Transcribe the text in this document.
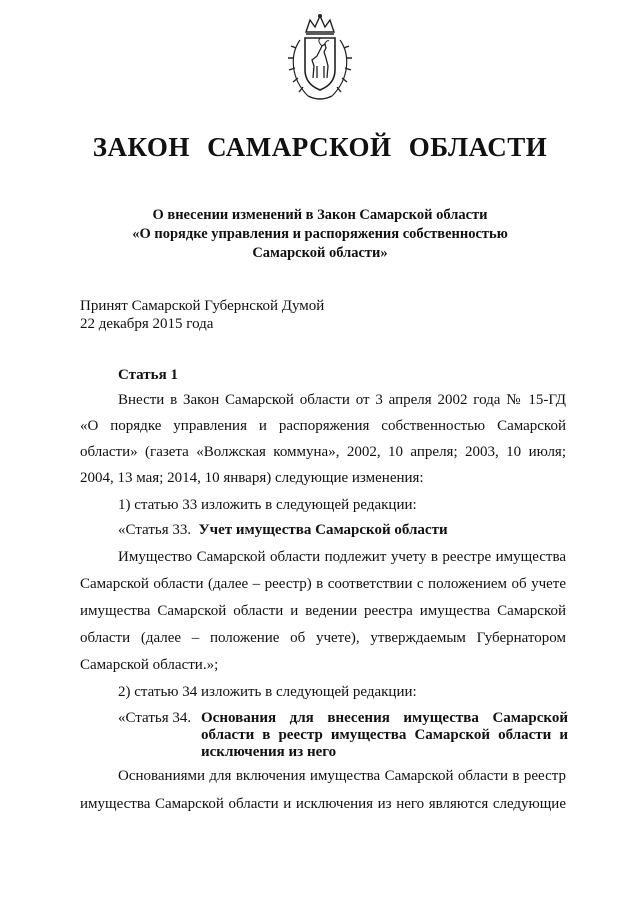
ЗАКОН САМАРСКОЙ ОБЛАСТИ
О внесении изменений в Закон Самарской области
«О порядке управления и распоряжения собственностью
Самарской области»
Принят Самарской Губернской Думой
22 декабря 2015 года
Статья 1
Внести в Закон Самарской области от 3 апреля 2002 года № 15-ГД
«О порядке управления и распоряжения собственностью Самарской
области» (газета «Волжская коммуна», 2002, 10 апреля; 2003, 10 июля;
2004, 13 мая; 2014, 10 января) следующие изменения:
1) статью 33 изложить в следующей редакции:
«Статья 33. Учет имущества Самарской области
Имущество Самарской области подлежит учету в реестре имущества
Самарской области (далее – реестр) в соответствии с положением об учете
имущества Самарской области и ведении реестра имущества Самарской
области (далее – положение об учете), утверждаемым Губернатором
Самарской области.»;
2) статью 34 изложить в следующей редакции:
«Статья 34. Основания для внесения имущества Самарской
области в реестр имущества Самарской области и
исключения из него
Основаниями для включения имущества Самарской области в реестр
имущества Самарской области и исключения из него являются следующие
